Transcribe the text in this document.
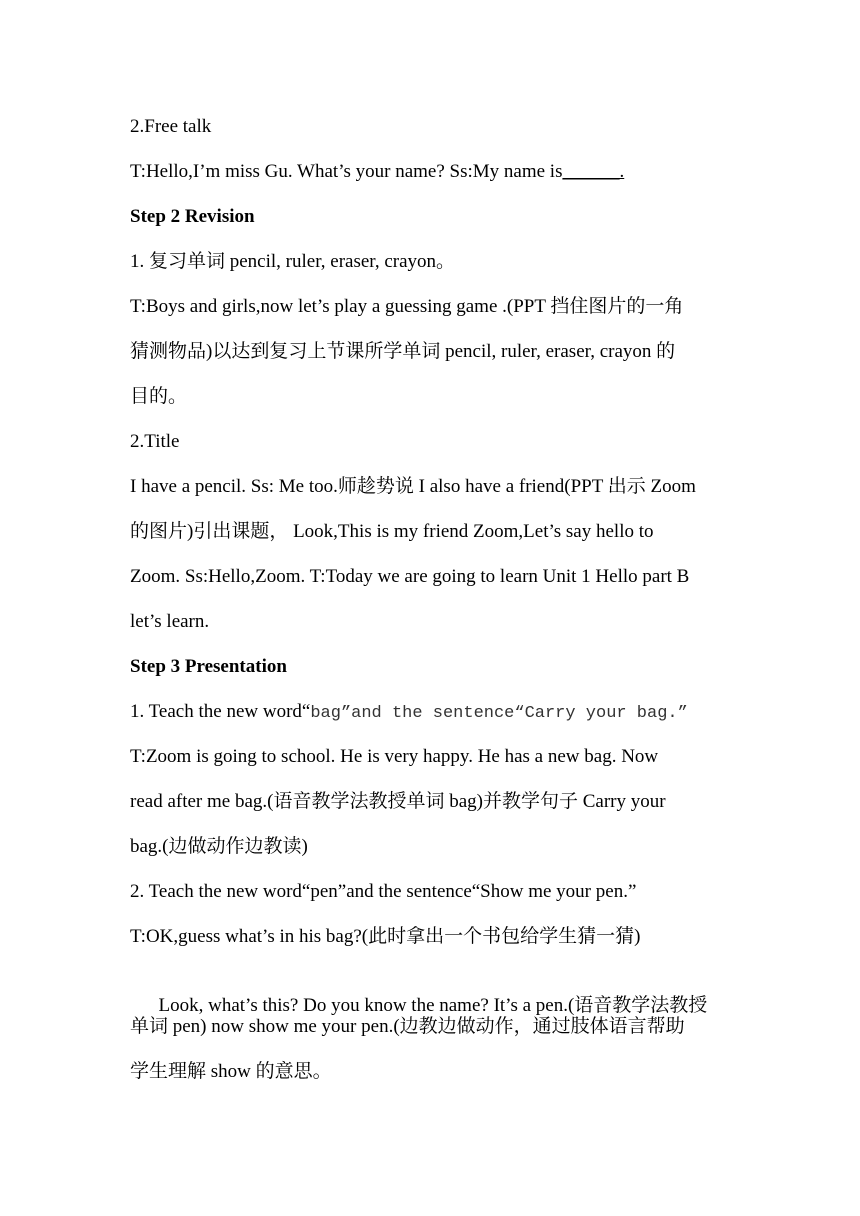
2.Free talk
T:Hello,I’m miss Gu. What’s your name? Ss:My name is______.
Step 2 Revision
1. 复习单词 pencil, ruler, eraser, crayon。
T:Boys and girls,now let’s play a guessing game .(PPT 挡住图片的一角
猜测物品)以达到复习上节课所学单词 pencil, ruler, eraser, crayon 的
目的。
2.Title
I have a pencil. Ss: Me too.师趁势说 I also have a friend(PPT 出示 Zoom
的图片)引出课题， Look,This is my friend Zoom,Let’s say hello to
Zoom. Ss:Hello,Zoom. T:Today we are going to learn Unit 1 Hello part B
let’s learn.
Step 3 Presentation
1. Teach the new word“bag”and the sentence“Carry your bag.”
T:Zoom is going to school. He is very happy. He has a new bag. Now
read after me bag.(语音教学法教授单词 bag)并教学句子 Carry your
bag.(边做动作边教读)
2. Teach the new word“pen”and the sentence“Show me your pen.”
T:OK,guess what’s in his bag?(此时拿出一个书包给学生猜一猜)

Look, what’s this? Do you know the name? It’s a pen.(语音教学法教授

单词 pen) now show me your pen.(边教边做动作，通过肢体语言帮助
学生理解 show 的意思。
